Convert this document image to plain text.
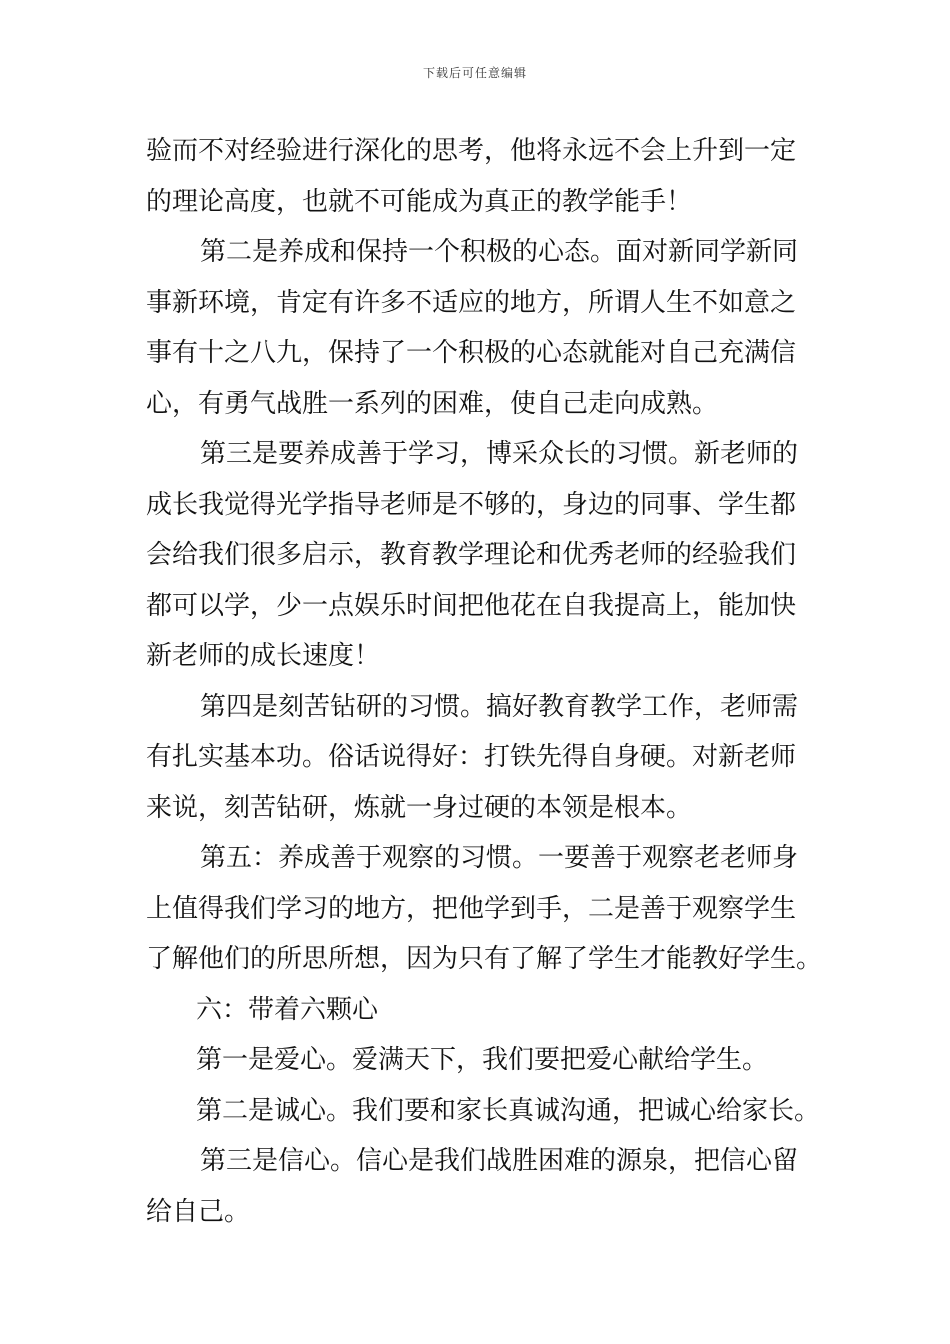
下载后可任意编辑
验而不对经验进行深化的思考，他将永远不会上升到一定
的理论高度，也就不可能成为真正的教学能手！
第二是养成和保持一个积极的心态。面对新同学新同
事新环境，肯定有许多不适应的地方，所谓人生不如意之
事有十之八九，保持了一个积极的心态就能对自己充满信
心，有勇气战胜一系列的困难，使自己走向成熟。
第三是要养成善于学习，博采众长的习惯。新老师的
成长我觉得光学指导老师是不够的，身边的同事、学生都
会给我们很多启示，教育教学理论和优秀老师的经验我们
都可以学，少一点娱乐时间把他花在自我提高上，能加快
新老师的成长速度！
第四是刻苦钻研的习惯。搞好教育教学工作，老师需
有扎实基本功。俗话说得好：打铁先得自身硬。对新老师
来说，刻苦钻研，炼就一身过硬的本领是根本。
第五：养成善于观察的习惯。一要善于观察老老师身
上值得我们学习的地方，把他学到手，二是善于观察学生
了解他们的所思所想，因为只有了解了学生才能教好学生。
六：带着六颗心
第一是爱心。爱满天下，我们要把爱心献给学生。
第二是诚心。我们要和家长真诚沟通，把诚心给家长。
第三是信心。信心是我们战胜困难的源泉，把信心留
给自己。
